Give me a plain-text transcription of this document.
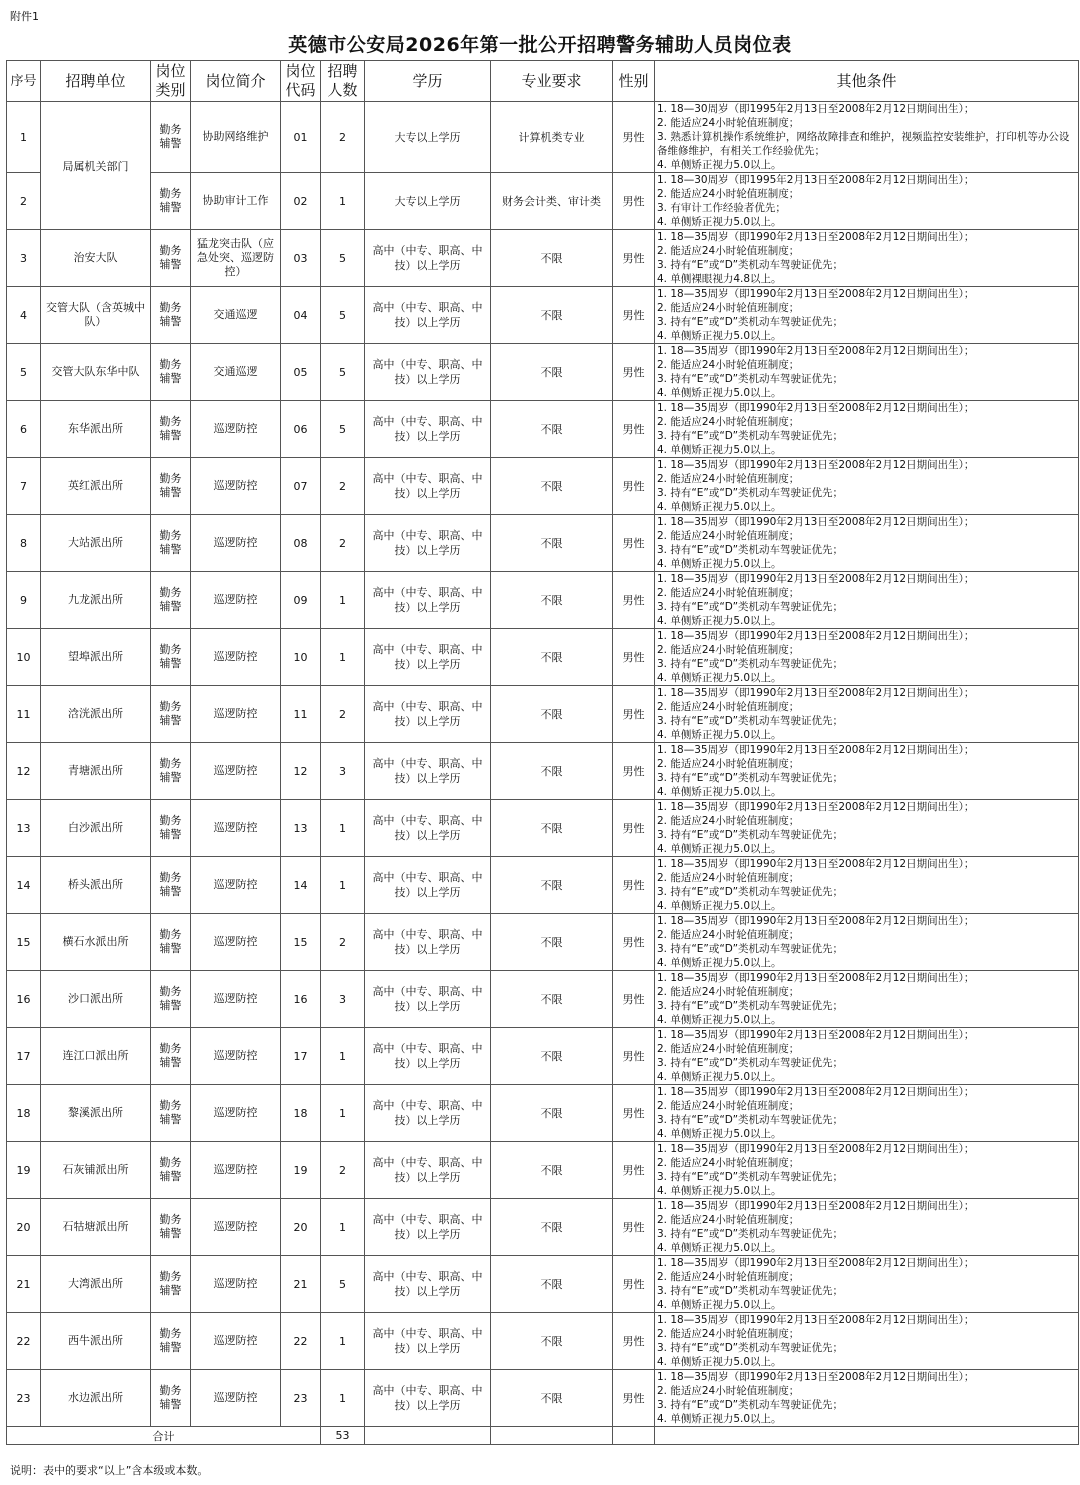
附件1
英德市公安局2026年第一批公开招聘警务辅助人员岗位表
序号	招聘单位	岗位类别	岗位简介	岗位代码	招聘人数	学历	专业要求	性别	其他条件
1	局属机关部门	勤务辅警	协助网络维护	01	2	大专以上学历	计算机类专业	男性	1. 18—30周岁（即1995年2月13日至2008年2月12日期间出生）；
2. 能适应24小时轮值班制度；
3. 熟悉计算机操作系统维护，网络故障排查和维护，视频监控安装维护，打印机等办公设备维修维护，有相关工作经验优先；
4. 单侧矫正视力5.0以上。

2		勤务辅警	协助审计工作	02	1	大专以上学历	财务会计类、审计类	男性	1. 18—30周岁（即1995年2月13日至2008年2月12日期间出生）；
2. 能适应24小时轮值班制度；
3. 有审计工作经验者优先；
4. 单侧矫正视力5.0以上。

3	治安大队	勤务辅警	猛龙突击队（应急处突、巡逻防控）	03	5	高中（中专、职高、中技）以上学历	不限	男性	1. 18—35周岁（即1990年2月13日至2008年2月12日期间出生）；
2. 能适应24小时轮值班制度；
3. 持有“E”或“D”类机动车驾驶证优先；
4. 单侧裸眼视力4.8以上。

4	交管大队（含英城中队）	勤务辅警	交通巡逻	04	5	高中（中专、职高、中技）以上学历	不限	男性	1. 18—35周岁（即1990年2月13日至2008年2月12日期间出生）；
2. 能适应24小时轮值班制度；
3. 持有“E”或“D”类机动车驾驶证优先；
4. 单侧矫正视力5.0以上。

5	交管大队东华中队	勤务辅警	交通巡逻	05	5	高中（中专、职高、中技）以上学历	不限	男性	1. 18—35周岁（即1990年2月13日至2008年2月12日期间出生）；
2. 能适应24小时轮值班制度；
3. 持有“E”或“D”类机动车驾驶证优先；
4. 单侧矫正视力5.0以上。

6	东华派出所	勤务辅警	巡逻防控	06	5	高中（中专、职高、中技）以上学历	不限	男性	1. 18—35周岁（即1990年2月13日至2008年2月12日期间出生）；
2. 能适应24小时轮值班制度；
3. 持有“E”或“D”类机动车驾驶证优先；
4. 单侧矫正视力5.0以上。

7	英红派出所	勤务辅警	巡逻防控	07	2	高中（中专、职高、中技）以上学历	不限	男性	1. 18—35周岁（即1990年2月13日至2008年2月12日期间出生）；
2. 能适应24小时轮值班制度；
3. 持有“E”或“D”类机动车驾驶证优先；
4. 单侧矫正视力5.0以上。

8	大站派出所	勤务辅警	巡逻防控	08	2	高中（中专、职高、中技）以上学历	不限	男性	1. 18—35周岁（即1990年2月13日至2008年2月12日期间出生）；
2. 能适应24小时轮值班制度；
3. 持有“E”或“D”类机动车驾驶证优先；
4. 单侧矫正视力5.0以上。

9	九龙派出所	勤务辅警	巡逻防控	09	1	高中（中专、职高、中技）以上学历	不限	男性	1. 18—35周岁（即1990年2月13日至2008年2月12日期间出生）；
2. 能适应24小时轮值班制度；
3. 持有“E”或“D”类机动车驾驶证优先；
4. 单侧矫正视力5.0以上。

10	望埠派出所	勤务辅警	巡逻防控	10	1	高中（中专、职高、中技）以上学历	不限	男性	1. 18—35周岁（即1990年2月13日至2008年2月12日期间出生）；
2. 能适应24小时轮值班制度；
3. 持有“E”或“D”类机动车驾驶证优先；
4. 单侧矫正视力5.0以上。

11	浛洸派出所	勤务辅警	巡逻防控	11	2	高中（中专、职高、中技）以上学历	不限	男性	1. 18—35周岁（即1990年2月13日至2008年2月12日期间出生）；
2. 能适应24小时轮值班制度；
3. 持有“E”或“D”类机动车驾驶证优先；
4. 单侧矫正视力5.0以上。

12	青塘派出所	勤务辅警	巡逻防控	12	3	高中（中专、职高、中技）以上学历	不限	男性	1. 18—35周岁（即1990年2月13日至2008年2月12日期间出生）；
2. 能适应24小时轮值班制度；
3. 持有“E”或“D”类机动车驾驶证优先；
4. 单侧矫正视力5.0以上。

13	白沙派出所	勤务辅警	巡逻防控	13	1	高中（中专、职高、中技）以上学历	不限	男性	1. 18—35周岁（即1990年2月13日至2008年2月12日期间出生）；
2. 能适应24小时轮值班制度；
3. 持有“E”或“D”类机动车驾驶证优先；
4. 单侧矫正视力5.0以上。

14	桥头派出所	勤务辅警	巡逻防控	14	1	高中（中专、职高、中技）以上学历	不限	男性	1. 18—35周岁（即1990年2月13日至2008年2月12日期间出生）；
2. 能适应24小时轮值班制度；
3. 持有“E”或“D”类机动车驾驶证优先；
4. 单侧矫正视力5.0以上。

15	横石水派出所	勤务辅警	巡逻防控	15	2	高中（中专、职高、中技）以上学历	不限	男性	1. 18—35周岁（即1990年2月13日至2008年2月12日期间出生）；
2. 能适应24小时轮值班制度；
3. 持有“E”或“D”类机动车驾驶证优先；
4. 单侧矫正视力5.0以上。

16	沙口派出所	勤务辅警	巡逻防控	16	3	高中（中专、职高、中技）以上学历	不限	男性	1. 18—35周岁（即1990年2月13日至2008年2月12日期间出生）；
2. 能适应24小时轮值班制度；
3. 持有“E”或“D”类机动车驾驶证优先；
4. 单侧矫正视力5.0以上。

17	连江口派出所	勤务辅警	巡逻防控	17	1	高中（中专、职高、中技）以上学历	不限	男性	1. 18—35周岁（即1990年2月13日至2008年2月12日期间出生）；
2. 能适应24小时轮值班制度；
3. 持有“E”或“D”类机动车驾驶证优先；
4. 单侧矫正视力5.0以上。

18	黎溪派出所	勤务辅警	巡逻防控	18	1	高中（中专、职高、中技）以上学历	不限	男性	1. 18—35周岁（即1990年2月13日至2008年2月12日期间出生）；
2. 能适应24小时轮值班制度；
3. 持有“E”或“D”类机动车驾驶证优先；
4. 单侧矫正视力5.0以上。

19	石灰铺派出所	勤务辅警	巡逻防控	19	2	高中（中专、职高、中技）以上学历	不限	男性	1. 18—35周岁（即1990年2月13日至2008年2月12日期间出生）；
2. 能适应24小时轮值班制度；
3. 持有“E”或“D”类机动车驾驶证优先；
4. 单侧矫正视力5.0以上。

20	石牯塘派出所	勤务辅警	巡逻防控	20	1	高中（中专、职高、中技）以上学历	不限	男性	1. 18—35周岁（即1990年2月13日至2008年2月12日期间出生）；
2. 能适应24小时轮值班制度；
3. 持有“E”或“D”类机动车驾驶证优先；
4. 单侧矫正视力5.0以上。

21	大湾派出所	勤务辅警	巡逻防控	21	5	高中（中专、职高、中技）以上学历	不限	男性	1. 18—35周岁（即1990年2月13日至2008年2月12日期间出生）；
2. 能适应24小时轮值班制度；
3. 持有“E”或“D”类机动车驾驶证优先；
4. 单侧矫正视力5.0以上。

22	西牛派出所	勤务辅警	巡逻防控	22	1	高中（中专、职高、中技）以上学历	不限	男性	1. 18—35周岁（即1990年2月13日至2008年2月12日期间出生）；
2. 能适应24小时轮值班制度；
3. 持有“E”或“D”类机动车驾驶证优先；
4. 单侧矫正视力5.0以上。

23	水边派出所	勤务辅警	巡逻防控	23	1	高中（中专、职高、中技）以上学历	不限	男性	1. 18—35周岁（即1990年2月13日至2008年2月12日期间出生）；
2. 能适应24小时轮值班制度；
3. 持有“E”或“D”类机动车驾驶证优先；
4. 单侧矫正视力5.0以上。

合计					53				
说明：表中的要求“以上”含本级或本数。
